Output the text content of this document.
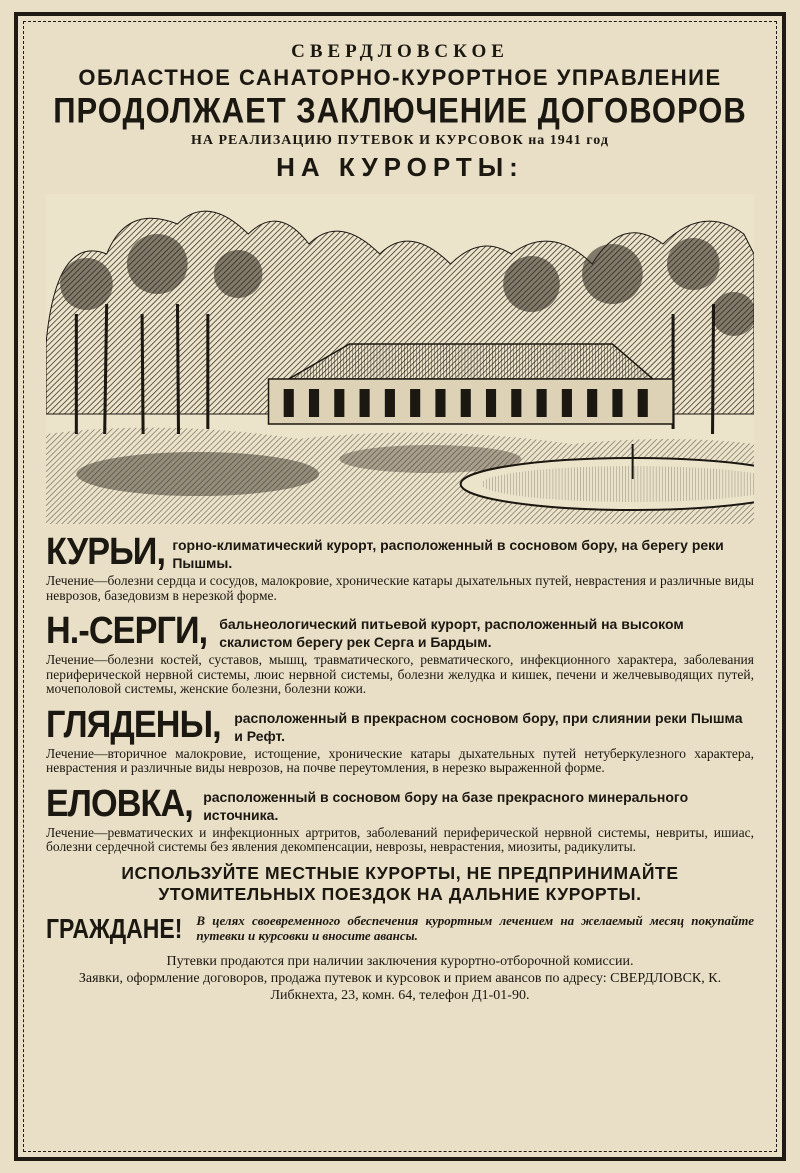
СВЕРДЛОВСКОЕ
ОБЛАСТНОЕ САНАТОРНО-КУРОРТНОЕ УПРАВЛЕНИЕ
ПРОДОЛЖАЕТ ЗАКЛЮЧЕНИЕ ДОГОВОРОВ
НА РЕАЛИЗАЦИЮ ПУТЕВОК И КУРСОВОК на 1941 год
НА КУРОРТЫ:
КУРЬИ, горно-климатический курорт, расположенный в сосновом бору, на берегу реки Пышмы.
Лечение—болезни сердца и сосудов, малокровие, хронические катары дыхательных путей, неврастения и различные виды неврозов, базедовизм в нерезкой форме.
Н.-СЕРГИ, бальнеологический питьевой курорт, расположенный на высоком скалистом берегу рек Серга и Бардым.
Лечение—болезни костей, суставов, мышц, травматического, ревматического, инфекционного характера, заболевания периферической нервной системы, люис нервной системы, болезни желудка и кишек, печени и желчевыводящих путей, мочеполовой системы, женские болезни, болезни кожи.
ГЛЯДЕНЫ, расположенный в прекрасном сосновом бору, при слиянии реки Пышма и Рефт.
Лечение—вторичное малокровие, истощение, хронические катары дыхательных путей нетуберкулезного характера, неврастения и различные виды неврозов, на почве переутомления, в нерезко выраженной форме.
ЕЛОВКА, расположенный в сосновом бору на базе прекрасного минерального источника.
Лечение—ревматических и инфекционных артритов, заболеваний периферической нервной системы, невриты, ишиас, болезни сердечной системы без явления декомпенсации, неврозы, неврастения, миозиты, радикулиты.
ИСПОЛЬЗУЙТЕ МЕСТНЫЕ КУРОРТЫ, НЕ ПРЕДПРИНИМАЙТЕ
УТОМИТЕЛЬНЫХ ПОЕЗДОК НА ДАЛЬНИЕ КУРОРТЫ.
ГРАЖДАНЕ! В целях своевременного обеспечения курортным лечением на желаемый месяц покупайте путевки и курсовки и вносите авансы.
Путевки продаются при наличии заключения курортно-отборочной комиссии.
Заявки, оформление договоров, продажа путевок и курсовок и прием авансов по адресу: СВЕРДЛОВСК, К. Либкнехта, 23, комн. 64, телефон Д1-01-90.
